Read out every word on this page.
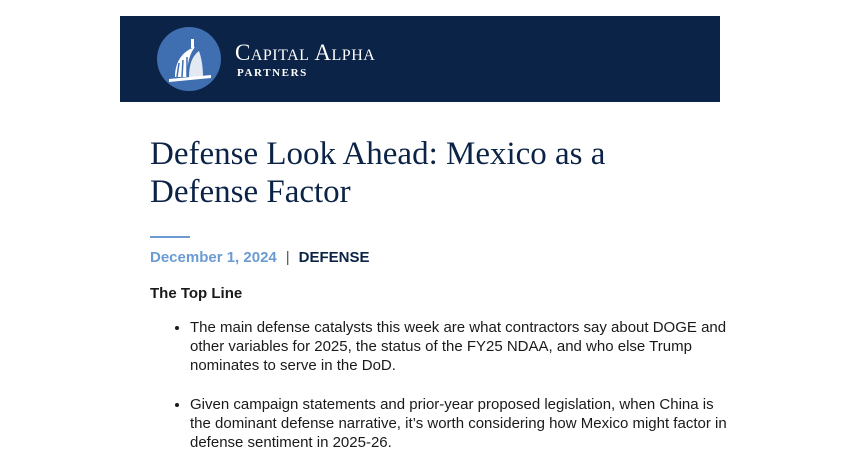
Capital Alpha
PARTNERS
Defense Look Ahead: Mexico as a Defense Factor
December 1, 2024 | DEFENSE
The Top Line
• The main defense catalysts this week are what contractors say about DOGE and other variables for 2025, the status of the FY25 NDAA, and who else Trump nominates to serve in the DoD.
• Given campaign statements and prior-year proposed legislation, when China is the dominant defense narrative, it’s worth considering how Mexico might factor in defense sentiment in 2025-26.
